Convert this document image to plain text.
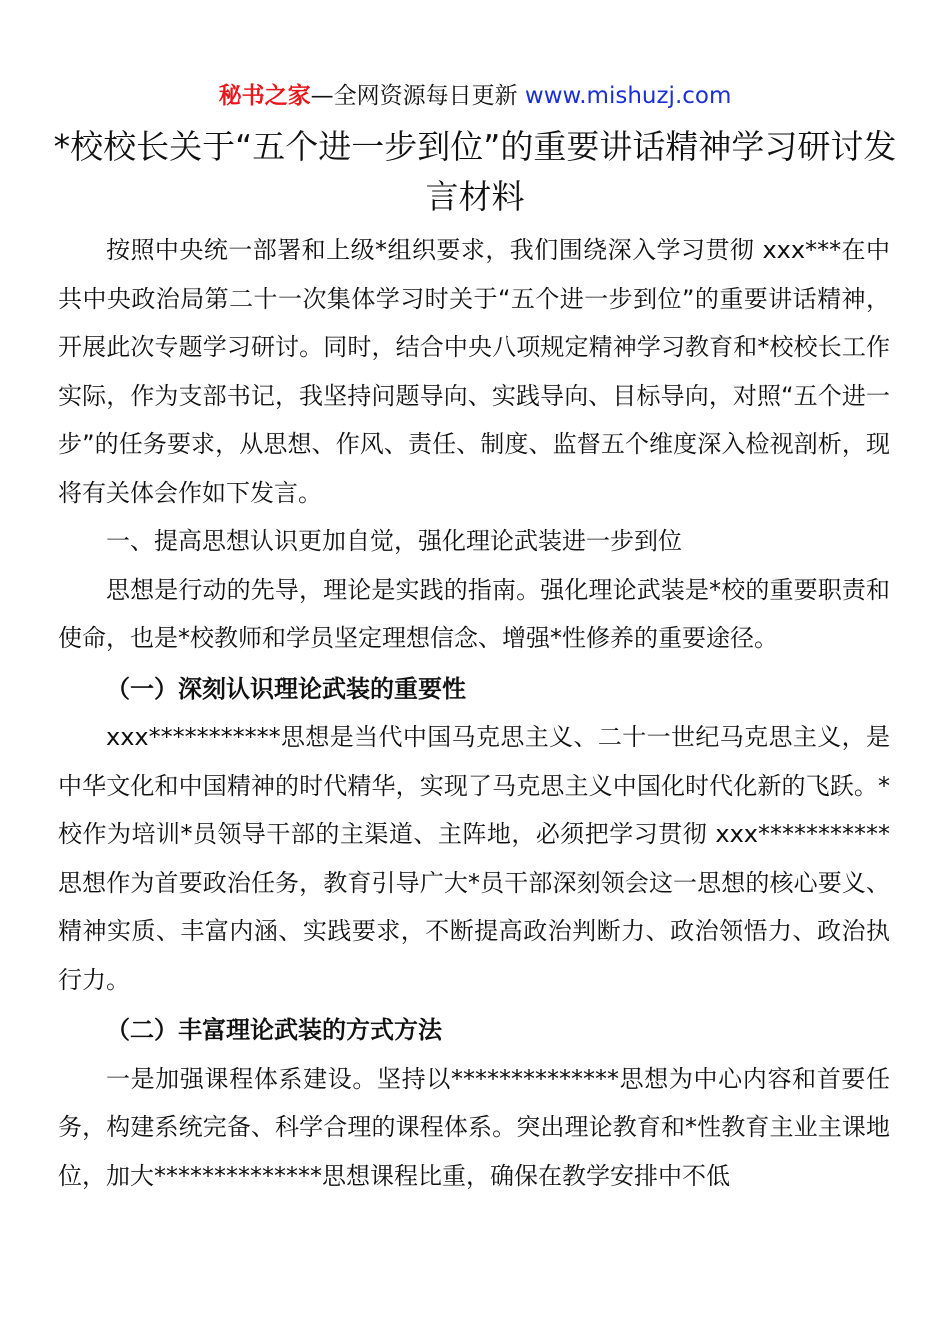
秘书之家—全网资源每日更新 www.mishuzj.com
*校校长关于“五个进一步到位”的重要讲话精神学习研讨发言材料

按照中央统一部署和上级*组织要求，我们围绕深入学习贯彻 xxx***在中共中央政治局第二十一次集体学习时关于“五个进一步到位”的重要讲话精神，开展此次专题学习研讨。同时，结合中央八项规定精神学习教育和*校校长工作实际，作为支部书记，我坚持问题导向、实践导向、目标导向，对照“五个进一步”的任务要求，从思想、作风、责任、制度、监督五个维度深入检视剖析，现将有关体会作如下发言。

一、提高思想认识更加自觉，强化理论武装进一步到位

思想是行动的先导，理论是实践的指南。强化理论武装是*校的重要职责和使命，也是*校教师和学员坚定理想信念、增强*性修养的重要途径。

（一）深刻认识理论武装的重要性

xxx***********思想是当代中国马克思主义、二十一世纪马克思主义，是中华文化和中国精神的时代精华，实现了马克思主义中国化时代化新的飞跃。*校作为培训*员领导干部的主渠道、主阵地，必须把学习贯彻 xxx***********思想作为首要政治任务，教育引导广大*员干部深刻领会这一思想的核心要义、精神实质、丰富内涵、实践要求，不断提高政治判断力、政治领悟力、政治执行力。

（二）丰富理论武装的方式方法

一是加强课程体系建设。坚持以**************思想为中心内容和首要任务，构建系统完备、科学合理的课程体系。突出理论教育和*性教育主业主课地位，加大**************思想课程比重，确保在教学安排中不低
